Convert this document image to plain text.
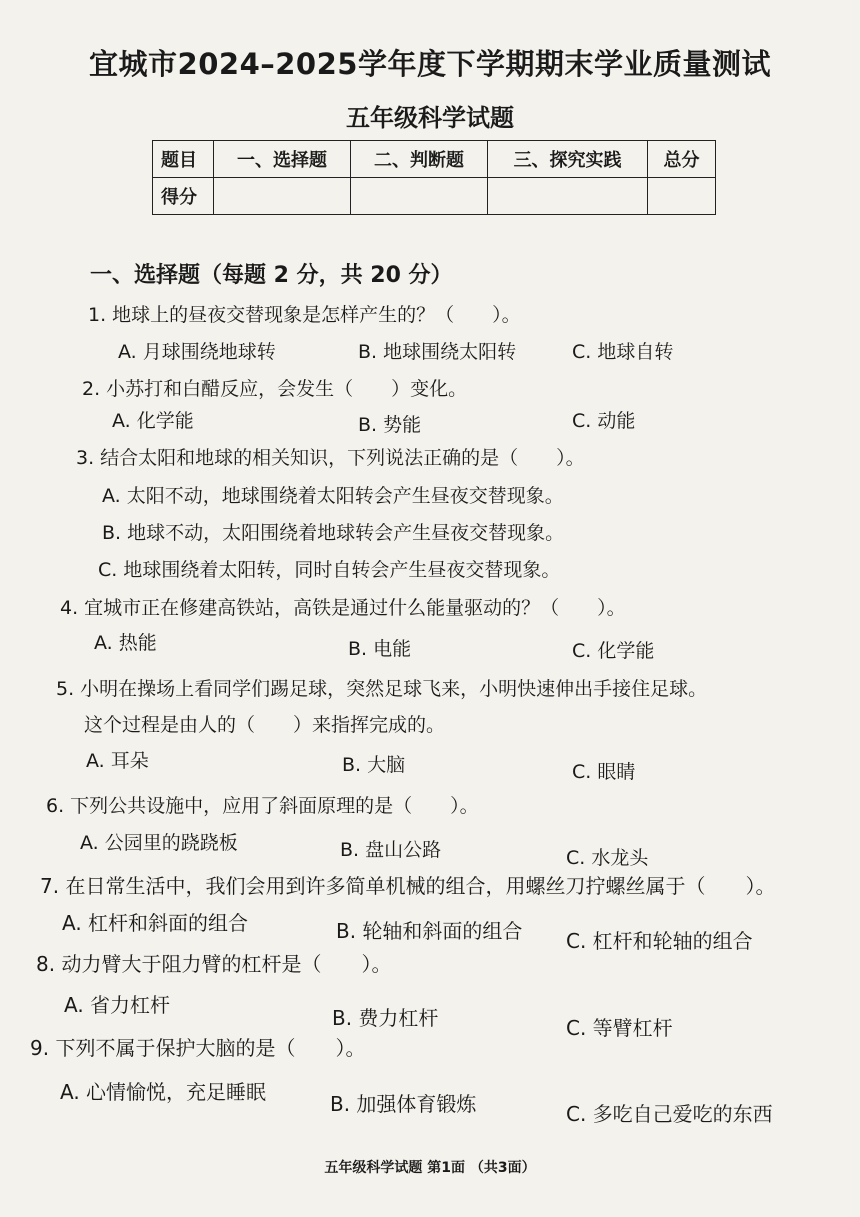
宜城市2024–2025学年度下学期期末学业质量测试
五年级科学试题
题目	一、选择题	二、判断题	三、探究实践	总分
得分				
一、选择题（每题 2 分，共 20 分）
1. 地球上的昼夜交替现象是怎样产生的？（　　）。
A. 月球围绕地球转	B. 地球围绕太阳转	C. 地球自转
2. 小苏打和白醋反应，会发生（　　）变化。
A. 化学能	B. 势能	C. 动能
3. 结合太阳和地球的相关知识，下列说法正确的是（　　）。
A. 太阳不动，地球围绕着太阳转会产生昼夜交替现象。
B. 地球不动，太阳围绕着地球转会产生昼夜交替现象。
C. 地球围绕着太阳转，同时自转会产生昼夜交替现象。
4. 宜城市正在修建高铁站，高铁是通过什么能量驱动的？（　　）。
A. 热能	B. 电能	C. 化学能
5. 小明在操场上看同学们踢足球，突然足球飞来，小明快速伸出手接住足球。
这个过程是由人的（　　）来指挥完成的。
A. 耳朵	B. 大脑	C. 眼睛
6. 下列公共设施中，应用了斜面原理的是（　　）。
A. 公园里的跷跷板	B. 盘山公路	C. 水龙头
7. 在日常生活中，我们会用到许多简单机械的组合，用螺丝刀拧螺丝属于（　　）。
A. 杠杆和斜面的组合	B. 轮轴和斜面的组合 C. 杠杆和轮轴的组合
8. 动力臂大于阻力臂的杠杆是（　　）。
A. 省力杠杆
B. 费力杠杆	C. 等臂杠杆
9. 下列不属于保护大脑的是（　　）。
A. 心情愉悦，充足睡眠	B. 加强体育锻炼	C. 多吃自己爱吃的东西
五年级科学试题 第1面 （共3面）
